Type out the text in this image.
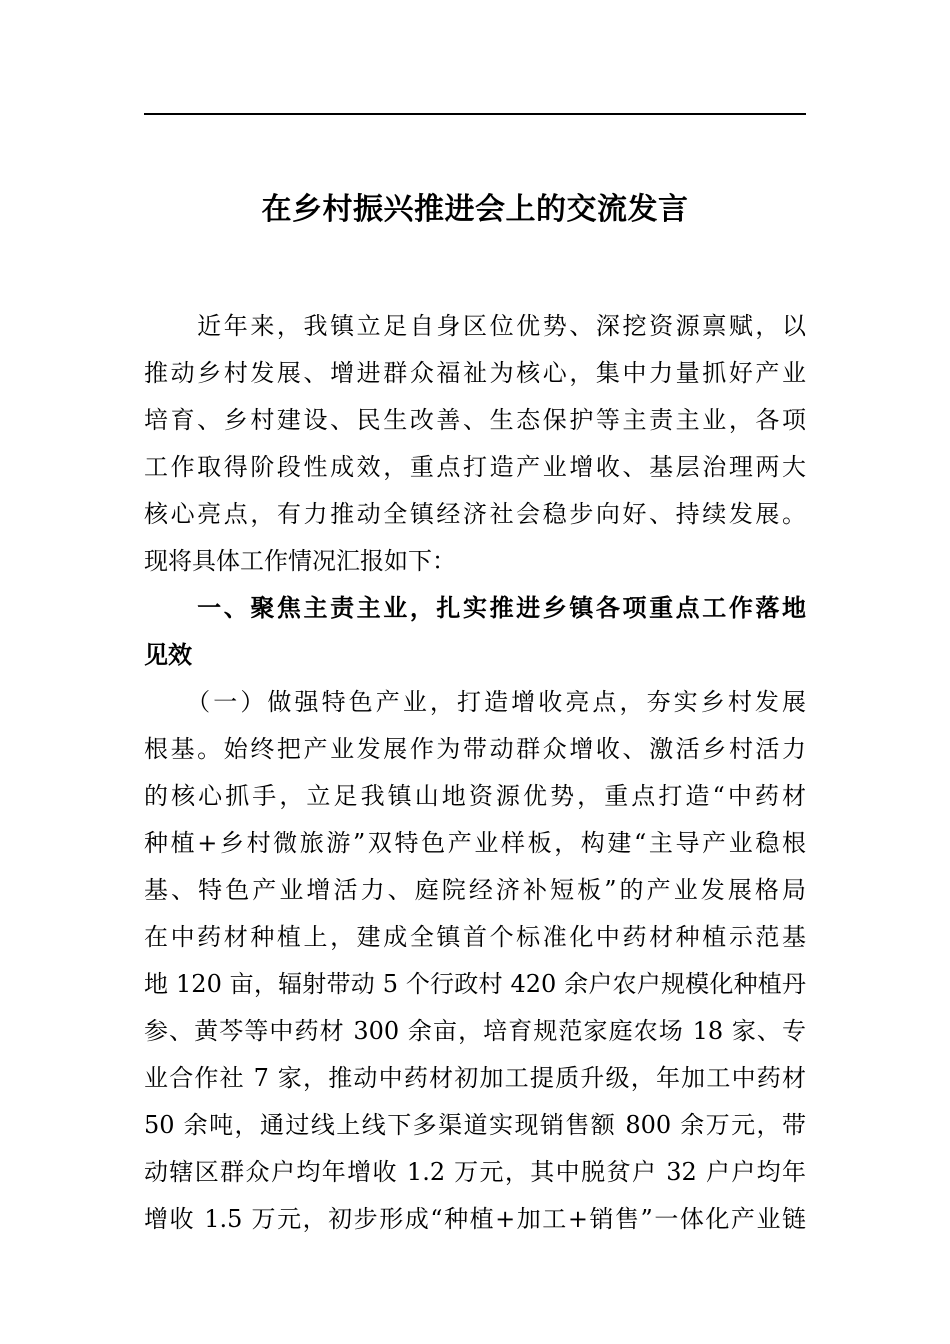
在乡村振兴推进会上的交流发言
　　近年来，我镇立足自身区位优势、深挖资源禀赋，以
推动乡村发展、增进群众福祉为核心，集中力量抓好产业
培育、乡村建设、民生改善、生态保护等主责主业，各项
工作取得阶段性成效，重点打造产业增收、基层治理两大
核心亮点，有力推动全镇经济社会稳步向好、持续发展。
现将具体工作情况汇报如下：
　　一、聚焦主责主业，扎实推进乡镇各项重点工作落地
见效
　　（一）做强特色产业，打造增收亮点，夯实乡村发展
根基。始终把产业发展作为带动群众增收、激活乡村活力
的核心抓手，立足我镇山地资源优势，重点打造“中药材
种植+乡村微旅游”双特色产业样板，构建“主导产业稳根
基、特色产业增活力、庭院经济补短板”的产业发展格局
在中药材种植上，建成全镇首个标准化中药材种植示范基
地 120 亩，辐射带动 5 个行政村 420 余户农户规模化种植丹
参、黄芩等中药材 300 余亩，培育规范家庭农场 18 家、专
业合作社 7 家，推动中药材初加工提质升级，年加工中药材
50 余吨，通过线上线下多渠道实现销售额 800 余万元，带
动辖区群众户均年增收 1.2 万元，其中脱贫户 32 户户均年
增收 1.5 万元，初步形成“种植+加工+销售”一体化产业链
